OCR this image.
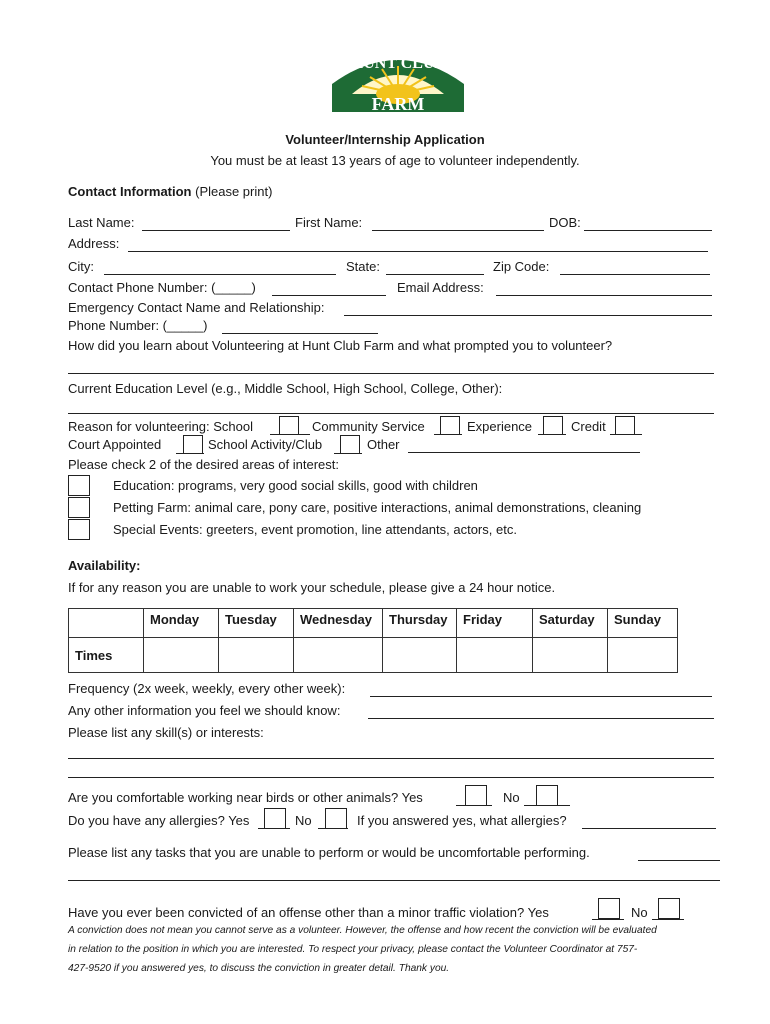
HUNT CLUB
FARM
Volunteer/Internship Application
You must be at least 13 years of age to volunteer independently.
Contact Information (Please print)
Last Name:	First Name:	DOB:
Address:
City:	State:	Zip Code:
Contact Phone Number: (_____)	Email Address:
Emergency Contact Name and Relationship:
Phone Number: (_____)
How did you learn about Volunteering at Hunt Club Farm and what prompted you to volunteer?
Current Education Level (e.g., Middle School, High School, College, Other):
Reason for volunteering: School	Community Service	Experience	Credit
Court Appointed	School Activity/Club	Other
Please check 2 of the desired areas of interest:
Education: programs, very good social skills, good with children
Petting Farm: animal care, pony care, positive interactions, animal demonstrations, cleaning
Special Events: greeters, event promotion, line attendants, actors, etc.
Availability:
If for any reason you are unable to work your schedule, please give a 24 hour notice.
	Monday	Tuesday	Wednesday	Thursday	Friday	Saturday	Sunday
Times							
Frequency (2x week, weekly, every other week):
Any other information you feel we should know:
Please list any skill(s) or interests:
Are you comfortable working near birds or other animals? Yes	No
Do you have any allergies? Yes	No	If you answered yes, what allergies?
Please list any tasks that you are unable to perform or would be uncomfortable performing.
Have you ever been convicted of an offense other than a minor traffic violation? Yes	No
A conviction does not mean you cannot serve as a volunteer. However, the offense and how recent the conviction will be evaluated
in relation to the position in which you are interested. To respect your privacy, please contact the Volunteer Coordinator at 757-
427-9520 if you answered yes, to discuss the conviction in greater detail. Thank you.
